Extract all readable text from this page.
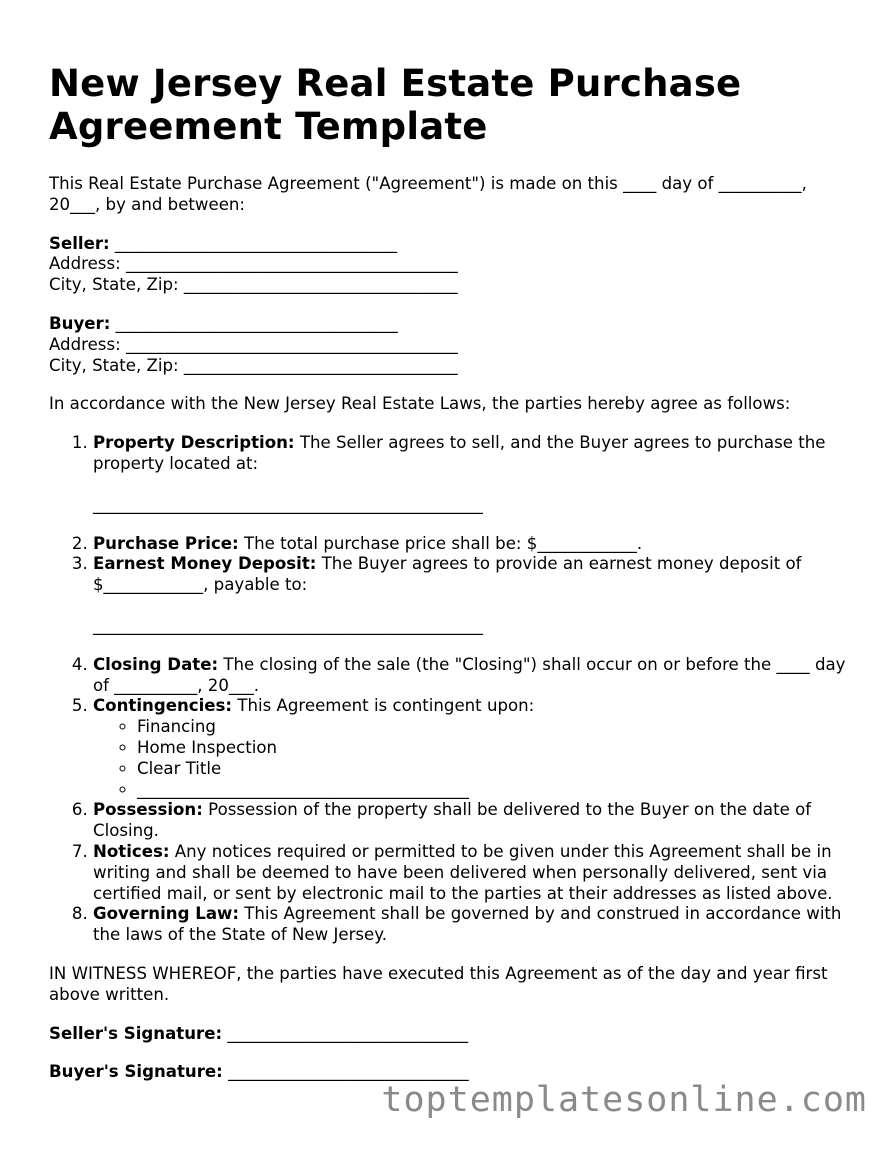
New Jersey Real Estate Purchase Agreement Template

This Real Estate Purchase Agreement ("Agreement") is made on this ____ day of __________, 20___, by and between:

Seller: __________________________________
Address: ________________________________________
City, State, Zip: _________________________________
Buyer: __________________________________
Address: ________________________________________
City, State, Zip: _________________________________

In accordance with the New Jersey Real Estate Laws, the parties hereby agree as follows:

1. Property Description: The Seller agrees to sell, and the Buyer agrees to purchase the property located at:
_______________________________________________
2. Purchase Price: The total purchase price shall be: $____________.
3. Earnest Money Deposit: The Buyer agrees to provide an earnest money deposit of $____________, payable to:
_______________________________________________
4. Closing Date: The closing of the sale (the "Closing") shall occur on or before the ____ day of __________, 20___.
5. Contingencies: This Agreement is contingent upon:
◦ Financing
◦ Home Inspection
◦ Clear Title
◦ ________________________________________
6. Possession: Possession of the property shall be delivered to the Buyer on the date of Closing.
7. Notices: Any notices required or permitted to be given under this Agreement shall be in writing and shall be deemed to have been delivered when personally delivered, sent via certified mail, or sent by electronic mail to the parties at their addresses as listed above.
8. Governing Law: This Agreement shall be governed by and construed in accordance with the laws of the State of New Jersey.

IN WITNESS WHEREOF, the parties have executed this Agreement as of the day and year first above written.

Seller's Signature: _____________________________
Buyer's Signature: _____________________________
toptemplatesonline.com
